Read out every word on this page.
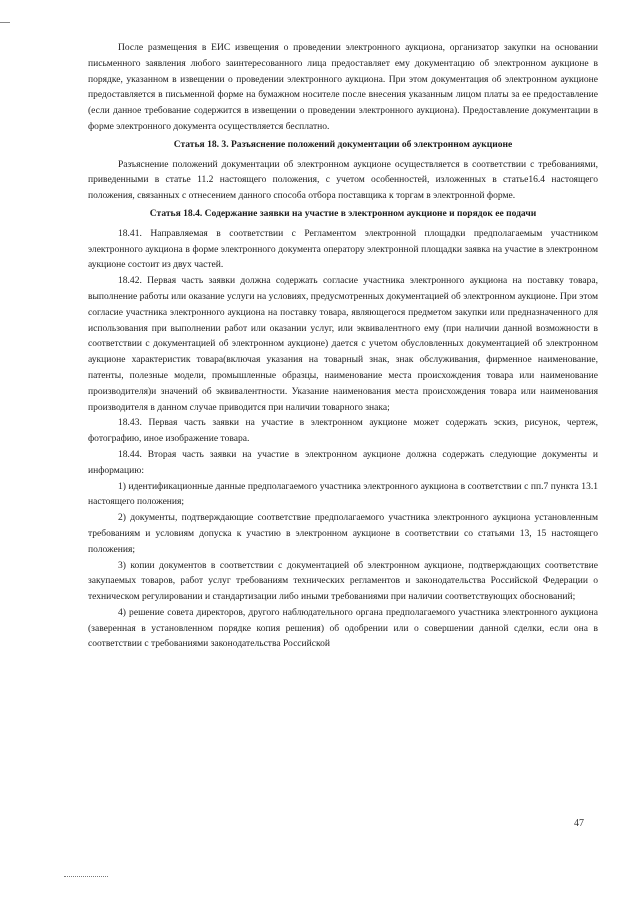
После размещения в ЕИС извещения о проведении электронного аукциона, организатор закупки на основании письменного заявления любого заинтересованного лица предоставляет ему документацию об электронном аукционе в порядке, указанном в извещении о проведении электронного аукциона. При этом документация об электронном аукционе предоставляется в письменной форме на бумажном носителе после внесения указанным лицом платы за ее предоставление (если данное требование содержится в извещении о проведении электронного аукциона). Предоставление документации в форме электронного документа осуществляется бесплатно.

Статья 18. 3. Разъяснение положений документации об электронном аукционе

Разъяснение положений документации об электронном аукционе осуществляется в соответствии с требованиями, приведенными в статье 11.2 настоящего положения, с учетом особенностей, изложенных в статье16.4 настоящего положения, связанных с отнесением данного способа отбора поставщика к торгам в электронной форме.

Статья 18.4. Содержание заявки на участие в электронном аукционе и порядок ее подачи

18.41. Направляемая в соответствии с Регламентом электронной площадки предполагаемым участником электронного аукциона в форме электронного документа оператору электронной площадки заявка на участие в электронном аукционе состоит из двух частей.

18.42. Первая часть заявки должна содержать согласие участника электронного аукциона на поставку товара, выполнение работы или оказание услуги на условиях, предусмотренных документацией об электронном аукционе. При этом согласие участника электронного аукциона на поставку товара, являющегося предметом закупки или предназначенного для использования при выполнении работ или оказании услуг, или эквивалентного ему (при наличии данной возможности в соответствии с документацией об электронном аукционе) дается с учетом обусловленных документацией об электронном аукционе характеристик товара(включая указания на товарный знак, знак обслуживания, фирменное наименование, патенты, полезные модели, промышленные образцы, наименование места происхождения товара или наименование производителя)и значений об эквивалентности. Указание наименования места происхождения товара или наименования производителя в данном случае приводится при наличии товарного знака;

18.43. Первая часть заявки на участие в электронном аукционе может содержать эскиз, рисунок, чертеж, фотографию, иное изображение товара.

18.44. Вторая часть заявки на участие в электронном аукционе должна содержать следующие документы и информацию:

1) идентификационные данные предполагаемого участника электронного аукциона в соответствии с пп.7 пункта 13.1 настоящего положения;

2) документы, подтверждающие соответствие предполагаемого участника электронного аукциона установленным требованиям и условиям допуска к участию в электронном аукционе в соответствии со статьями 13, 15 настоящего положения;

3) копии документов в соответствии с документацией об электронном аукционе, подтверждающих соответствие закупаемых товаров, работ услуг требованиям технических регламентов и законодательства Российской Федерации о техническом регулировании и стандартизации либо иными требованиями при наличии соответствующих обоснований;

4) решение совета директоров, другого наблюдательного органа предполагаемого участника электронного аукциона (заверенная в установленном порядке копия решения) об одобрении или о совершении данной сделки, если она в соответствии с требованиями законодательства Российской

47
